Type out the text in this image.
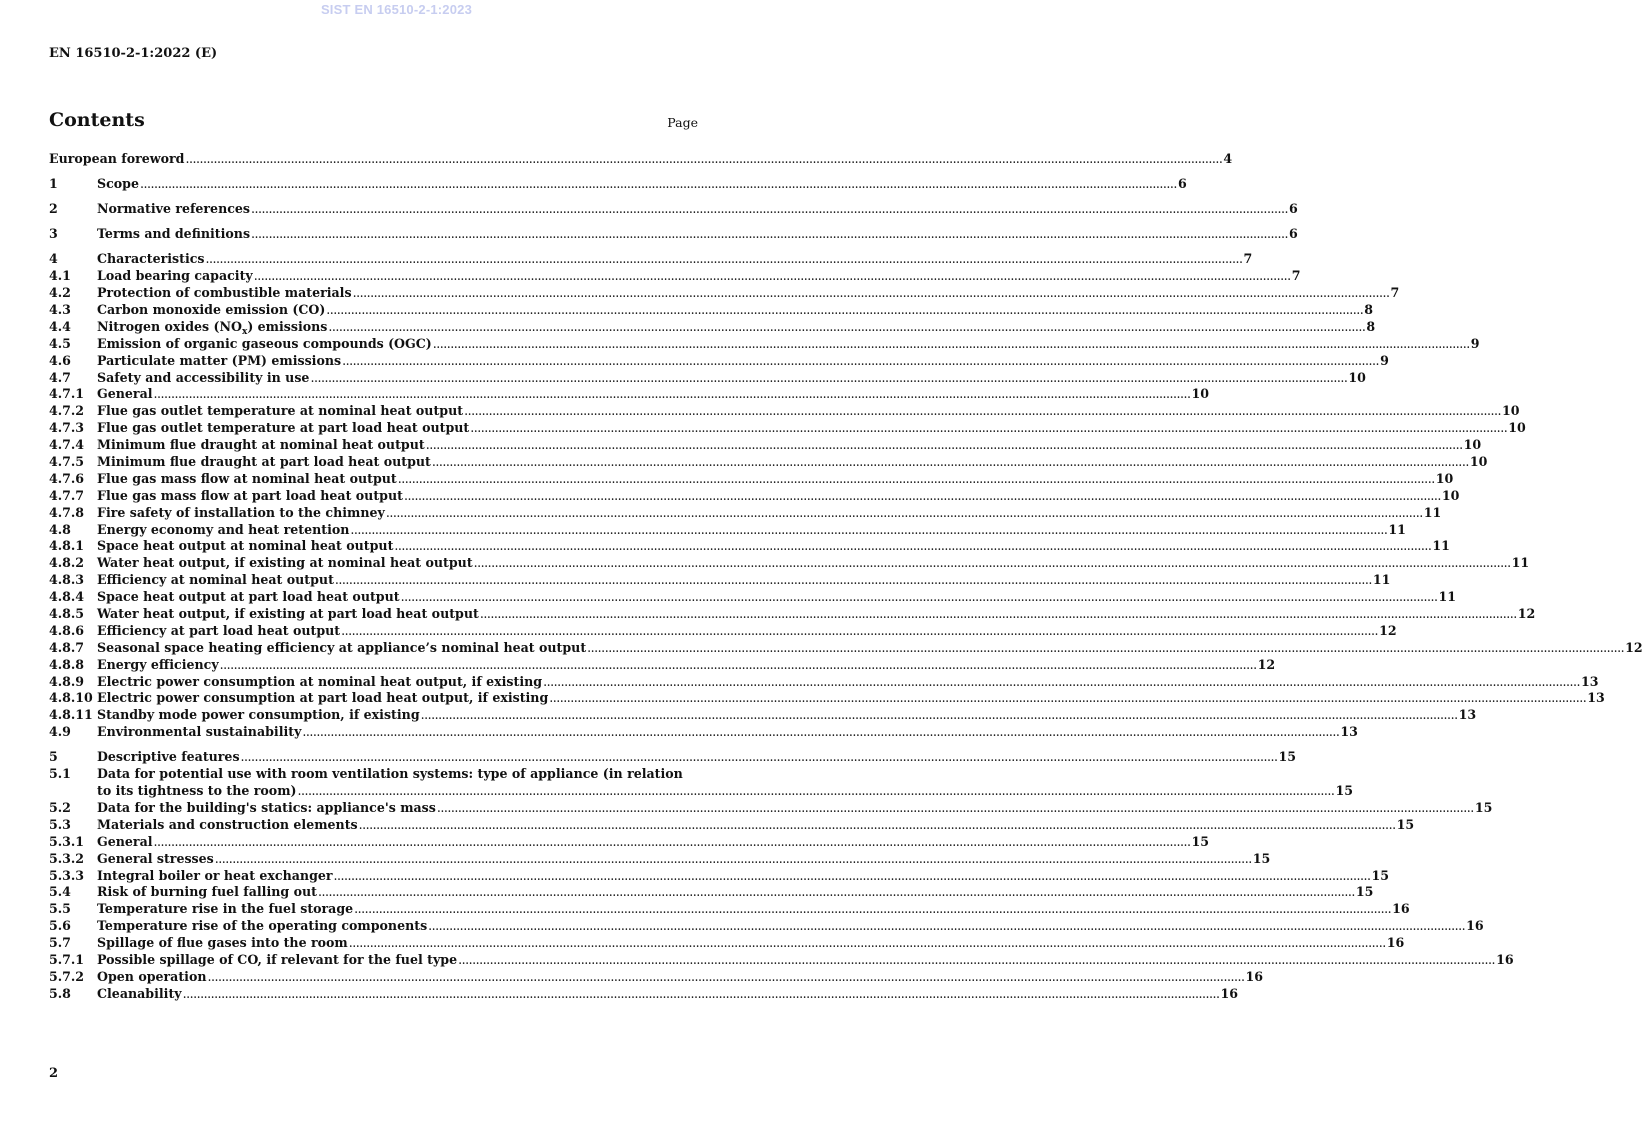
SIST EN 16510-2-1:2023
EN 16510-2-1:2022 (E)
Contents	Page
European foreword .....	4
1	Scope .....	6
2	Normative references .....	6
3	Terms and definitions .....	6
4	Characteristics .....	7
4.1	Load bearing capacity .....	7
4.2	Protection of combustible materials .....	7
4.3	Carbon monoxide emission (CO) .....	8
4.4	Nitrogen oxides $(NO_x)$ emissions .....	8
4.5	Emission of organic gaseous compounds (OGC) .....	9
4.6	Particulate matter (PM) emissions .....	9
4.7	Safety and accessibility in use .....	10
4.7.1	General .....	10
4.7.2	Flue gas outlet temperature at nominal heat output .....	10
4.7.3	Flue gas outlet temperature at part load heat output .....	10
4.7.4	Minimum flue draught at nominal heat output .....	10
4.7.5	Minimum flue draught at part load heat output .....	10
4.7.6	Flue gas mass flow at nominal heat output .....	10
4.7.7	Flue gas mass flow at part load heat output .....	10
4.7.8	Fire safety of installation to the chimney .....	11
4.8	Energy economy and heat retention .....	11
4.8.1	Space heat output at nominal heat output .....	11
4.8.2	Water heat output, if existing at nominal heat output .....	11
4.8.3	Efficiency at nominal heat output .....	11
4.8.4	Space heat output at part load heat output .....	11
4.8.5	Water heat output, if existing at part load heat output .....	12
4.8.6	Efficiency at part load heat output .....	12
4.8.7	Seasonal space heating efficiency at appliance’s nominal heat output .....	12
4.8.8	Energy efficiency .....	12
4.8.9	Electric power consumption at nominal heat output, if existing .....	13
4.8.10 Electric power consumption at part load heat output, if existing .....	13
4.8.11 Standby mode power consumption, if existing .....	13
4.9	Environmental sustainability .....	13
5	Descriptive features .....	15
5.1	Data for potential use with room ventilation systems: type of appliance (in relation
to its tightness to the room) .....	15
5.2	Data for the building's statics: appliance's mass .....	15
5.3	Materials and construction elements .....	15
5.3.1	General .....	15
5.3.2	General stresses .....	15
5.3.3	Integral boiler or heat exchanger .....	15
5.4	Risk of burning fuel falling out .....	15
5.5	Temperature rise in the fuel storage .....	16
5.6	Temperature rise of the operating components .....	16
5.7	Spillage of flue gases into the room .....	16
5.7.1	Possible spillage of CO, if relevant for the fuel type .....	16
5.7.2	Open operation .....	16
5.8	Cleanability .....	16
2
